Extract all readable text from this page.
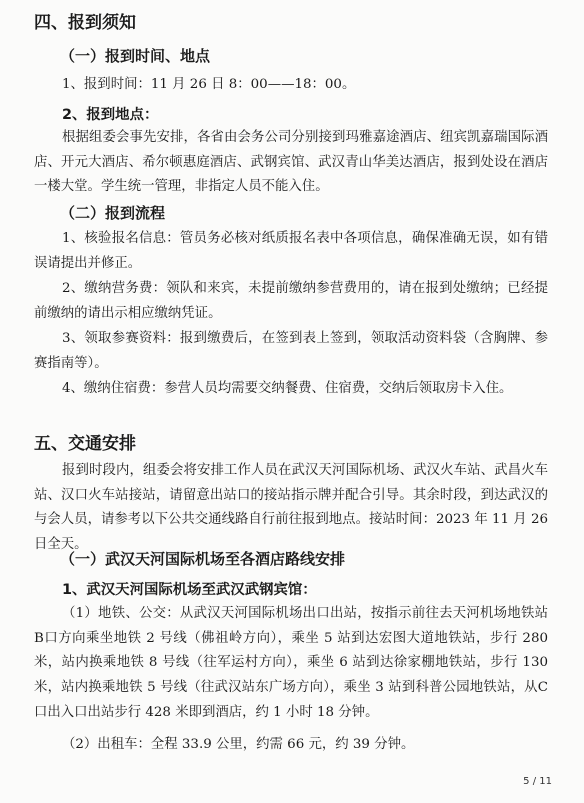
四、报到须知
（一）报到时间、地点
1、报到时间：11 月 26 日 8：00——18：00。
2、报到地点：
根据组委会事先安排，各省由会务公司分别接到玛雅嘉途酒店、纽宾凯嘉瑞国际酒店、开元大酒店、希尔顿惠庭酒店、武钢宾馆、武汉青山华美达酒店，报到处设在酒店一楼大堂。学生统一管理，非指定人员不能入住。
（二）报到流程
1、核验报名信息：管员务必核对纸质报名表中各项信息，确保准确无误，如有错误请提出并修正。
2、缴纳营务费：领队和来宾，未提前缴纳参营费用的，请在报到处缴纳；已经提前缴纳的请出示相应缴纳凭证。
3、领取参赛资料：报到缴费后，在签到表上签到，领取活动资料袋（含胸牌、参赛指南等）。
4、缴纳住宿费：参营人员均需要交纳餐费、住宿费，交纳后领取房卡入住。
五、交通安排
报到时段内，组委会将安排工作人员在武汉天河国际机场、武汉火车站、武昌火车站、汉口火车站接站，请留意出站口的接站指示牌并配合引导。其余时段，到达武汉的与会人员，请参考以下公共交通线路自行前往报到地点。接站时间：2023 年 11 月 26 日全天。
（一）武汉天河国际机场至各酒店路线安排
1、武汉天河国际机场至武汉武钢宾馆：
（1）地铁、公交：从武汉天河国际机场出口出站，按指示前往去天河机场地铁站B口方向乘坐地铁 2 号线（佛祖岭方向），乘坐 5 站到达宏图大道地铁站，步行 280 米，站内换乘地铁 8 号线（往军运村方向），乘坐 6 站到达徐家棚地铁站，步行 130 米，站内换乘地铁 5 号线（往武汉站东广场方向），乘坐 3 站到科普公园地铁站，从C口出入口出站步行 428 米即到酒店，约 1 小时 18 分钟。
（2）出租车：全程 33.9 公里，约需 66 元，约 39 分钟。
5 / 11
